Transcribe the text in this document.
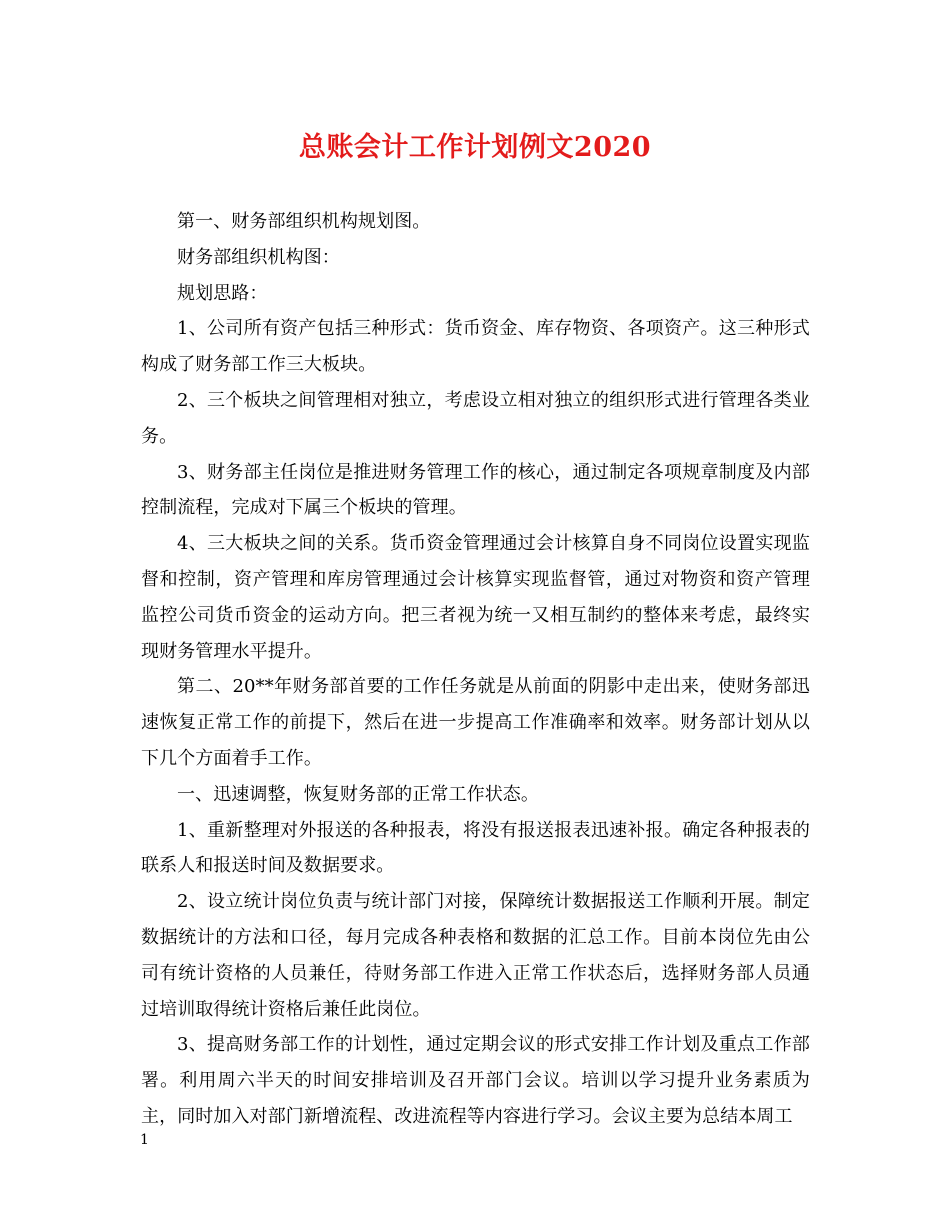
总账会计工作计划例文2020

第一、财务部组织机构规划图。

财务部组织机构图：

规划思路：

1、公司所有资产包括三种形式：货币资金、库存物资、各项资产。这三种形式构成了财务部工作三大板块。

2、三个板块之间管理相对独立，考虑设立相对独立的组织形式进行管理各类业务。

3、财务部主任岗位是推进财务管理工作的核心，通过制定各项规章制度及内部控制流程，完成对下属三个板块的管理。

4、三大板块之间的关系。货币资金管理通过会计核算自身不同岗位设置实现监督和控制，资产管理和库房管理通过会计核算实现监督管，通过对物资和资产管理监控公司货币资金的运动方向。把三者视为统一又相互制约的整体来考虑，最终实现财务管理水平提升。

第二、20**年财务部首要的工作任务就是从前面的阴影中走出来，使财务部迅速恢复正常工作的前提下，然后在进一步提高工作准确率和效率。财务部计划从以下几个方面着手工作。

一、迅速调整，恢复财务部的正常工作状态。

1、重新整理对外报送的各种报表，将没有报送报表迅速补报。确定各种报表的联系人和报送时间及数据要求。

2、设立统计岗位负责与统计部门对接，保障统计数据报送工作顺利开展。制定数据统计的方法和口径，每月完成各种表格和数据的汇总工作。目前本岗位先由公司有统计资格的人员兼任，待财务部工作进入正常工作状态后，选择财务部人员通过培训取得统计资格后兼任此岗位。

3、提高财务部工作的计划性，通过定期会议的形式安排工作计划及重点工作部署。利用周六半天的时间安排培训及召开部门会议。培训以学习提升业务素质为主，同时加入对部门新增流程、改进流程等内容进行学习。会议主要为总结本周工

1
